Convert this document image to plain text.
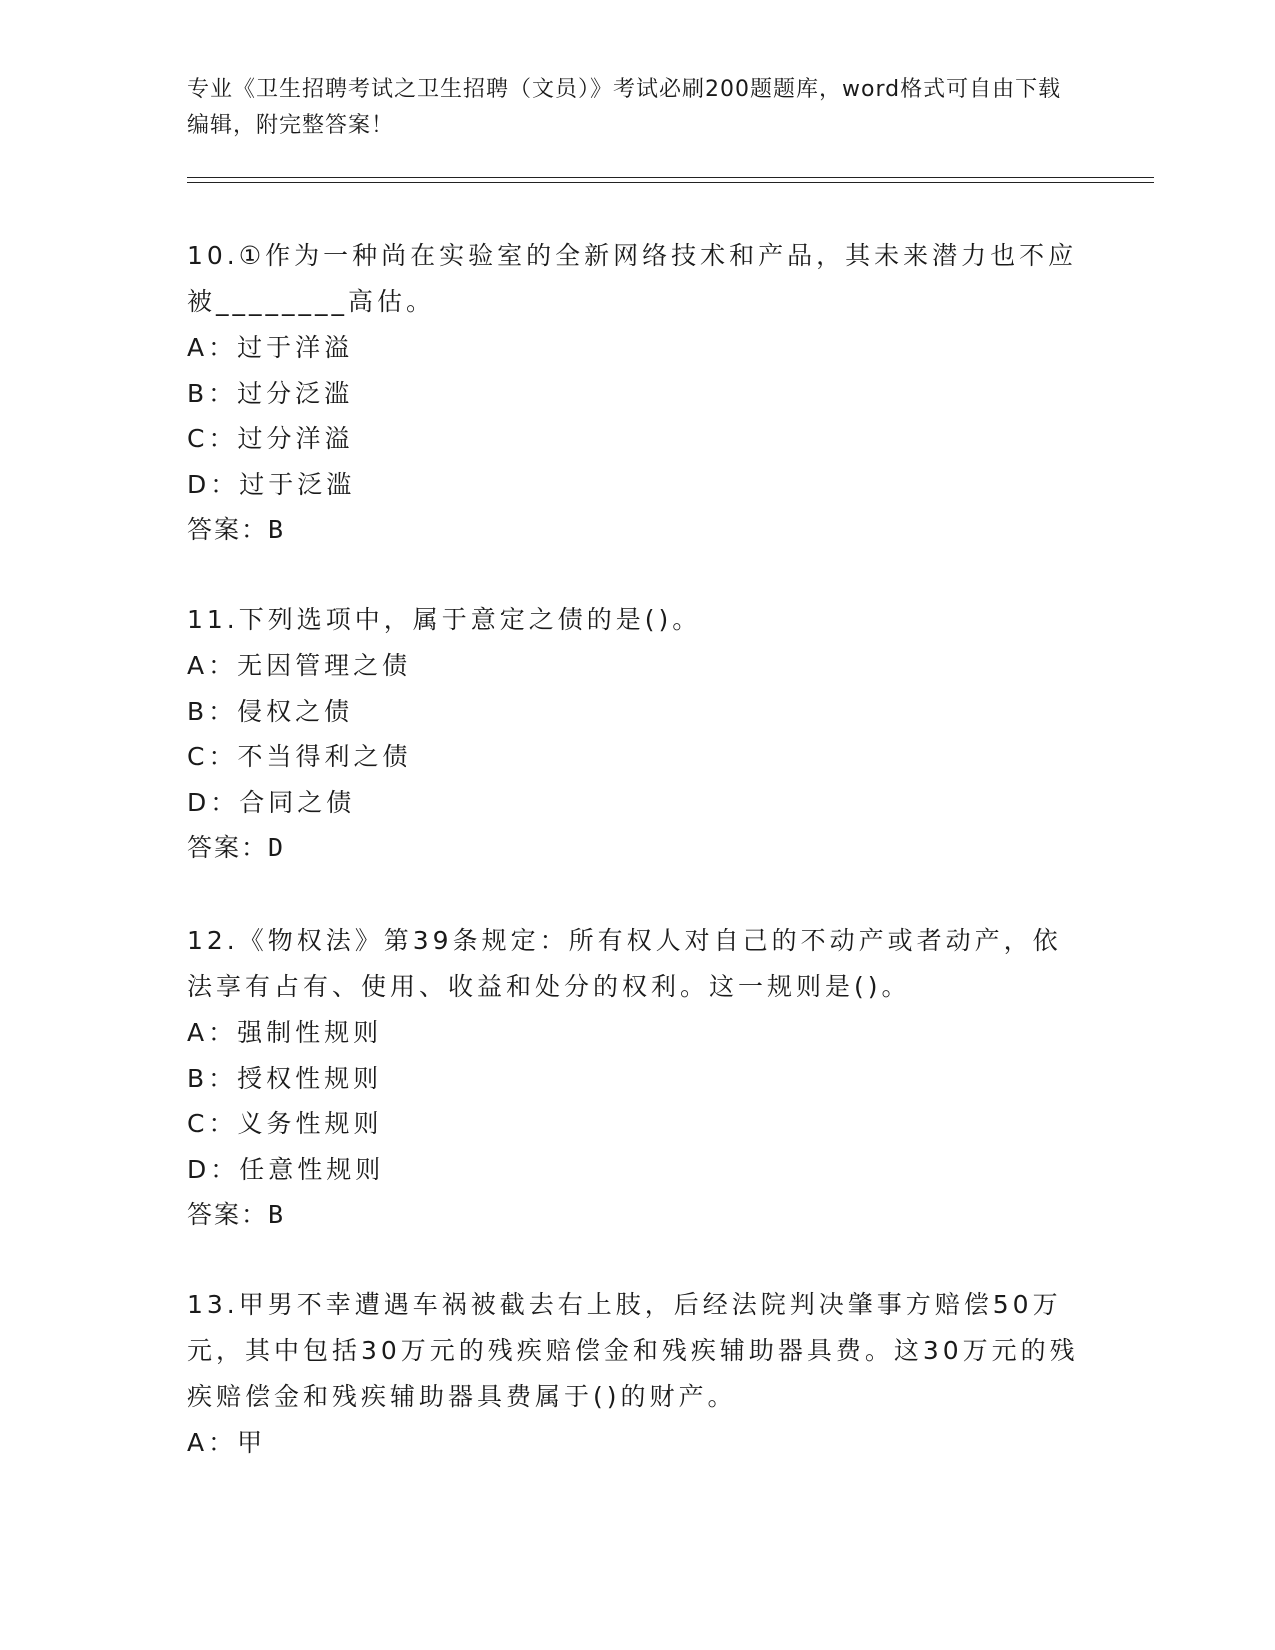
专业《卫生招聘考试之卫生招聘（文员）》考试必刷200题题库，word格式可自由下载编辑，附完整答案！

10.①作为一种尚在实验室的全新网络技术和产品，其未来潜力也不应被________高估。

A：过于洋溢

B：过分泛滥

C：过分洋溢

D：过于泛滥

答案：B

11.下列选项中，属于意定之债的是()。

A：无因管理之债

B：侵权之债

C：不当得利之债

D：合同之债

答案：D

12.《物权法》第39条规定：所有权人对自己的不动产或者动产，依法享有占有、使用、收益和处分的权利。这一规则是()。

A：强制性规则

B：授权性规则

C：义务性规则

D：任意性规则

答案：B

13.甲男不幸遭遇车祸被截去右上肢，后经法院判决肇事方赔偿50万元，其中包括30万元的残疾赔偿金和残疾辅助器具费。这30万元的残疾赔偿金和残疾辅助器具费属于()的财产。

A：甲
